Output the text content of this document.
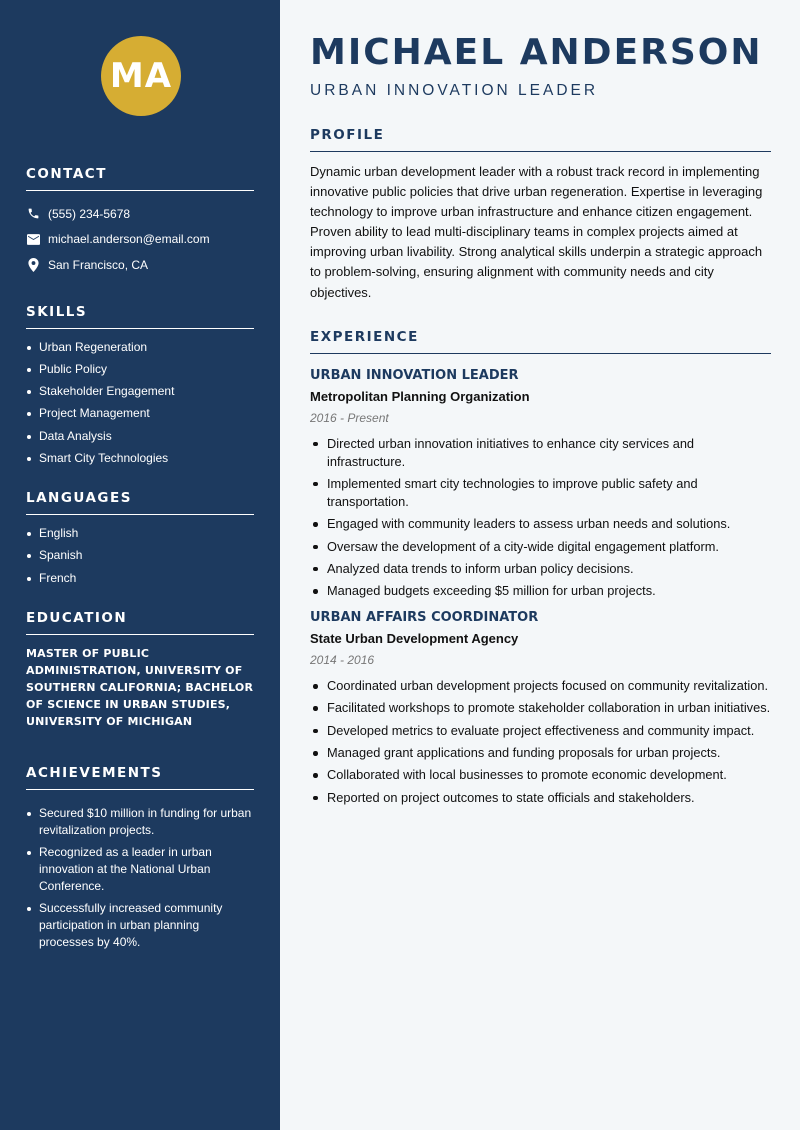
MA
CONTACT
(555) 234-5678
michael.anderson@email.com
San Francisco, CA
SKILLS
Urban Regeneration
Public Policy
Stakeholder Engagement
Project Management
Data Analysis
Smart City Technologies
LANGUAGES
English
Spanish
French
EDUCATION

MASTER OF PUBLIC ADMINISTRATION, UNIVERSITY OF SOUTHERN CALIFORNIA; BACHELOR OF SCIENCE IN URBAN STUDIES, UNIVERSITY OF MICHIGAN

ACHIEVEMENTS
Secured $10 million in funding for urban revitalization projects.
Recognized as a leader in urban innovation at the National Urban Conference.
Successfully increased community participation in urban planning processes by 40%.
MICHAEL ANDERSON
URBAN INNOVATION LEADER
PROFILE

Dynamic urban development leader with a robust track record in implementing innovative public policies that drive urban regeneration. Expertise in leveraging technology to improve urban infrastructure and enhance citizen engagement. Proven ability to lead multi-disciplinary teams in complex projects aimed at improving urban livability. Strong analytical skills underpin a strategic approach to problem-solving, ensuring alignment with community needs and city objectives.

EXPERIENCE
URBAN INNOVATION LEADER
Metropolitan Planning Organization
2016 - Present
Directed urban innovation initiatives to enhance city services and infrastructure.
Implemented smart city technologies to improve public safety and transportation.
Engaged with community leaders to assess urban needs and solutions.
Oversaw the development of a city-wide digital engagement platform.
Analyzed data trends to inform urban policy decisions.
Managed budgets exceeding $5 million for urban projects.
URBAN AFFAIRS COORDINATOR
State Urban Development Agency
2014 - 2016
Coordinated urban development projects focused on community revitalization.
Facilitated workshops to promote stakeholder collaboration in urban initiatives.
Developed metrics to evaluate project effectiveness and community impact.
Managed grant applications and funding proposals for urban projects.
Collaborated with local businesses to promote economic development.
Reported on project outcomes to state officials and stakeholders.
